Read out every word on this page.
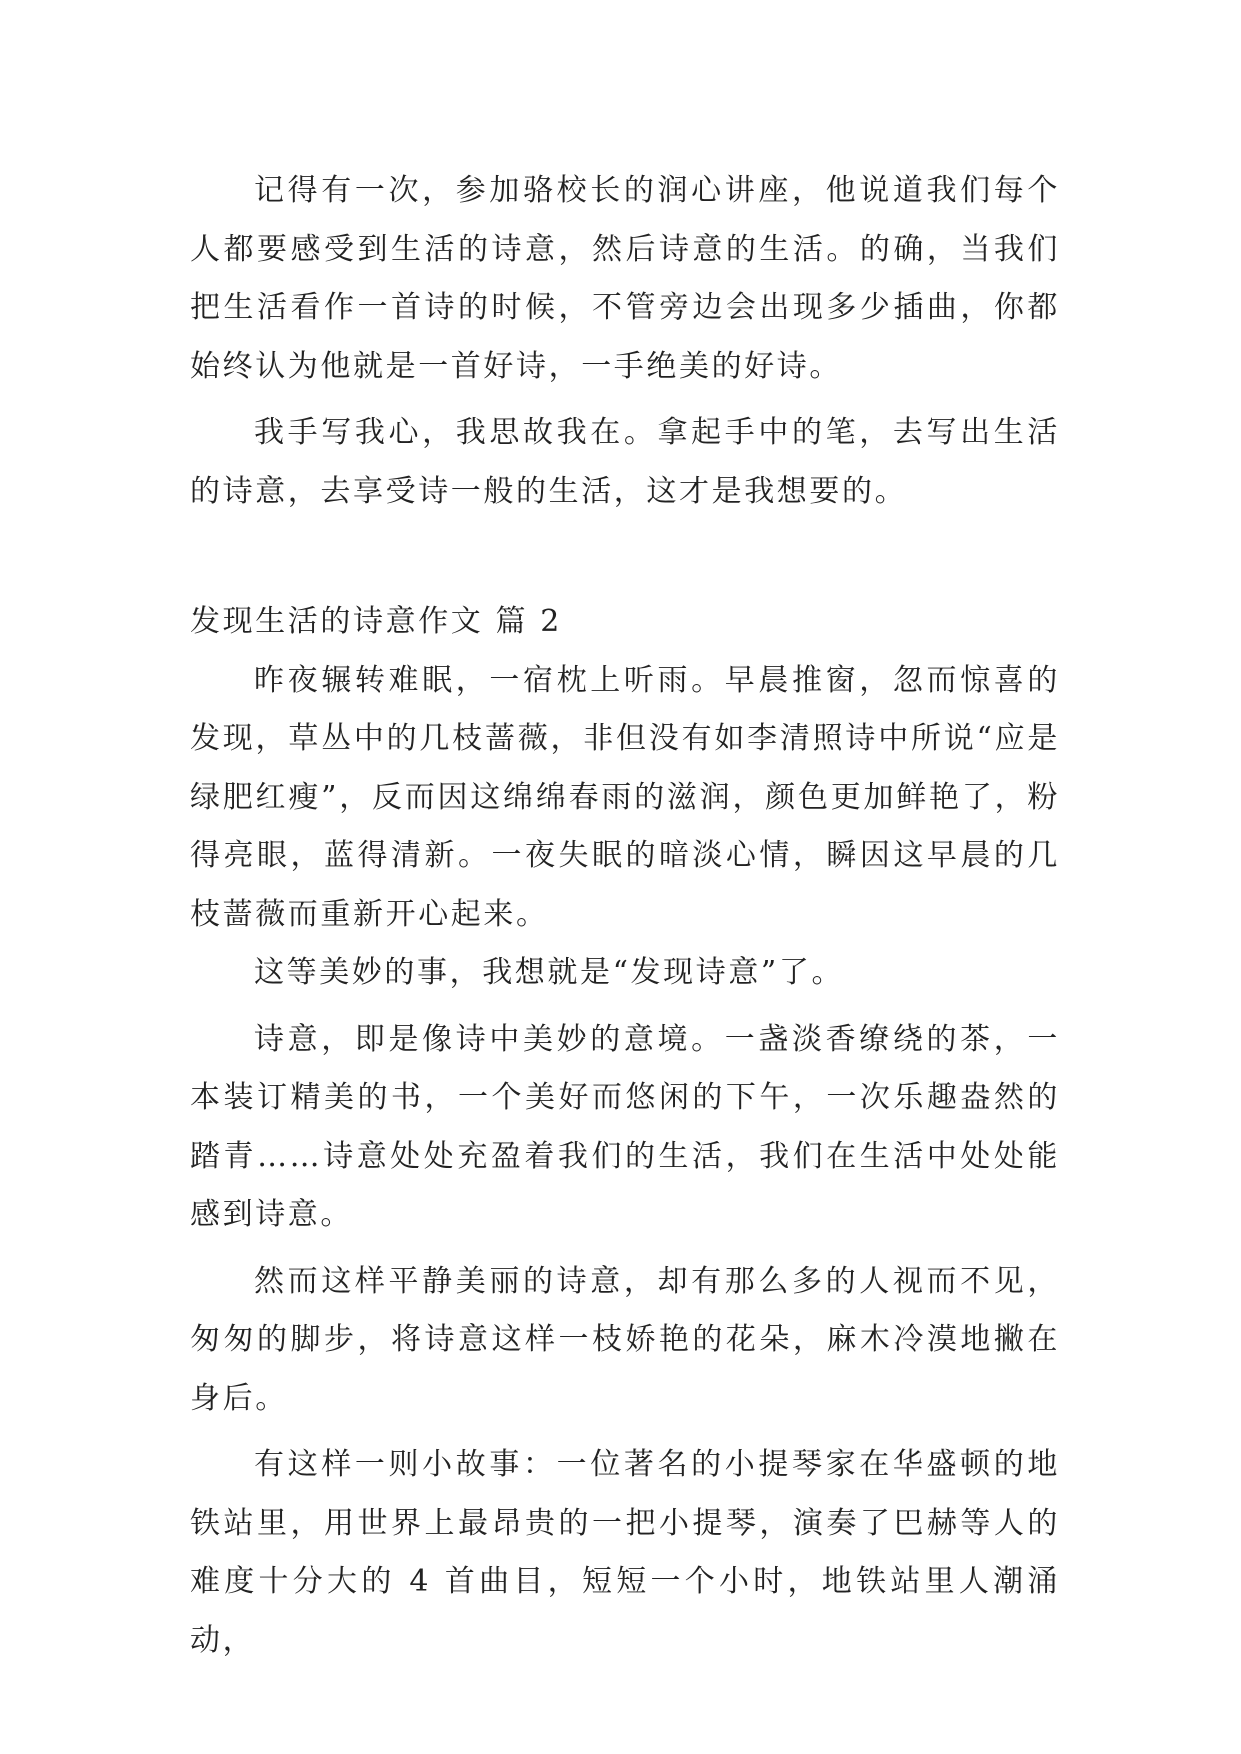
记得有一次，参加骆校长的润心讲座，他说道我们每个人都要感受到生活的诗意，然后诗意的生活。的确，当我们把生活看作一首诗的时候，不管旁边会出现多少插曲，你都始终认为他就是一首好诗，一手绝美的好诗。

我手写我心，我思故我在。拿起手中的笔，去写出生活的诗意，去享受诗一般的生活，这才是我想要的。

发现生活的诗意作文 篇 2

昨夜辗转难眠，一宿枕上听雨。早晨推窗，忽而惊喜的发现，草丛中的几枝蔷薇，非但没有如李清照诗中所说“应是绿肥红瘦”，反而因这绵绵春雨的滋润，颜色更加鲜艳了，粉得亮眼，蓝得清新。一夜失眠的暗淡心情，瞬因这早晨的几枝蔷薇而重新开心起来。

这等美妙的事，我想就是“发现诗意”了。

诗意，即是像诗中美妙的意境。一盏淡香缭绕的茶，一本装订精美的书，一个美好而悠闲的下午，一次乐趣盎然的踏青……诗意处处充盈着我们的生活，我们在生活中处处能感到诗意。

然而这样平静美丽的诗意，却有那么多的人视而不见，匆匆的脚步，将诗意这样一枝娇艳的花朵，麻木冷漠地撇在身后。

有这样一则小故事：一位著名的小提琴家在华盛顿的地铁站里，用世界上最昂贵的一把小提琴，演奏了巴赫等人的难度十分大的 4 首曲目，短短一个小时，地铁站里人潮涌动，
